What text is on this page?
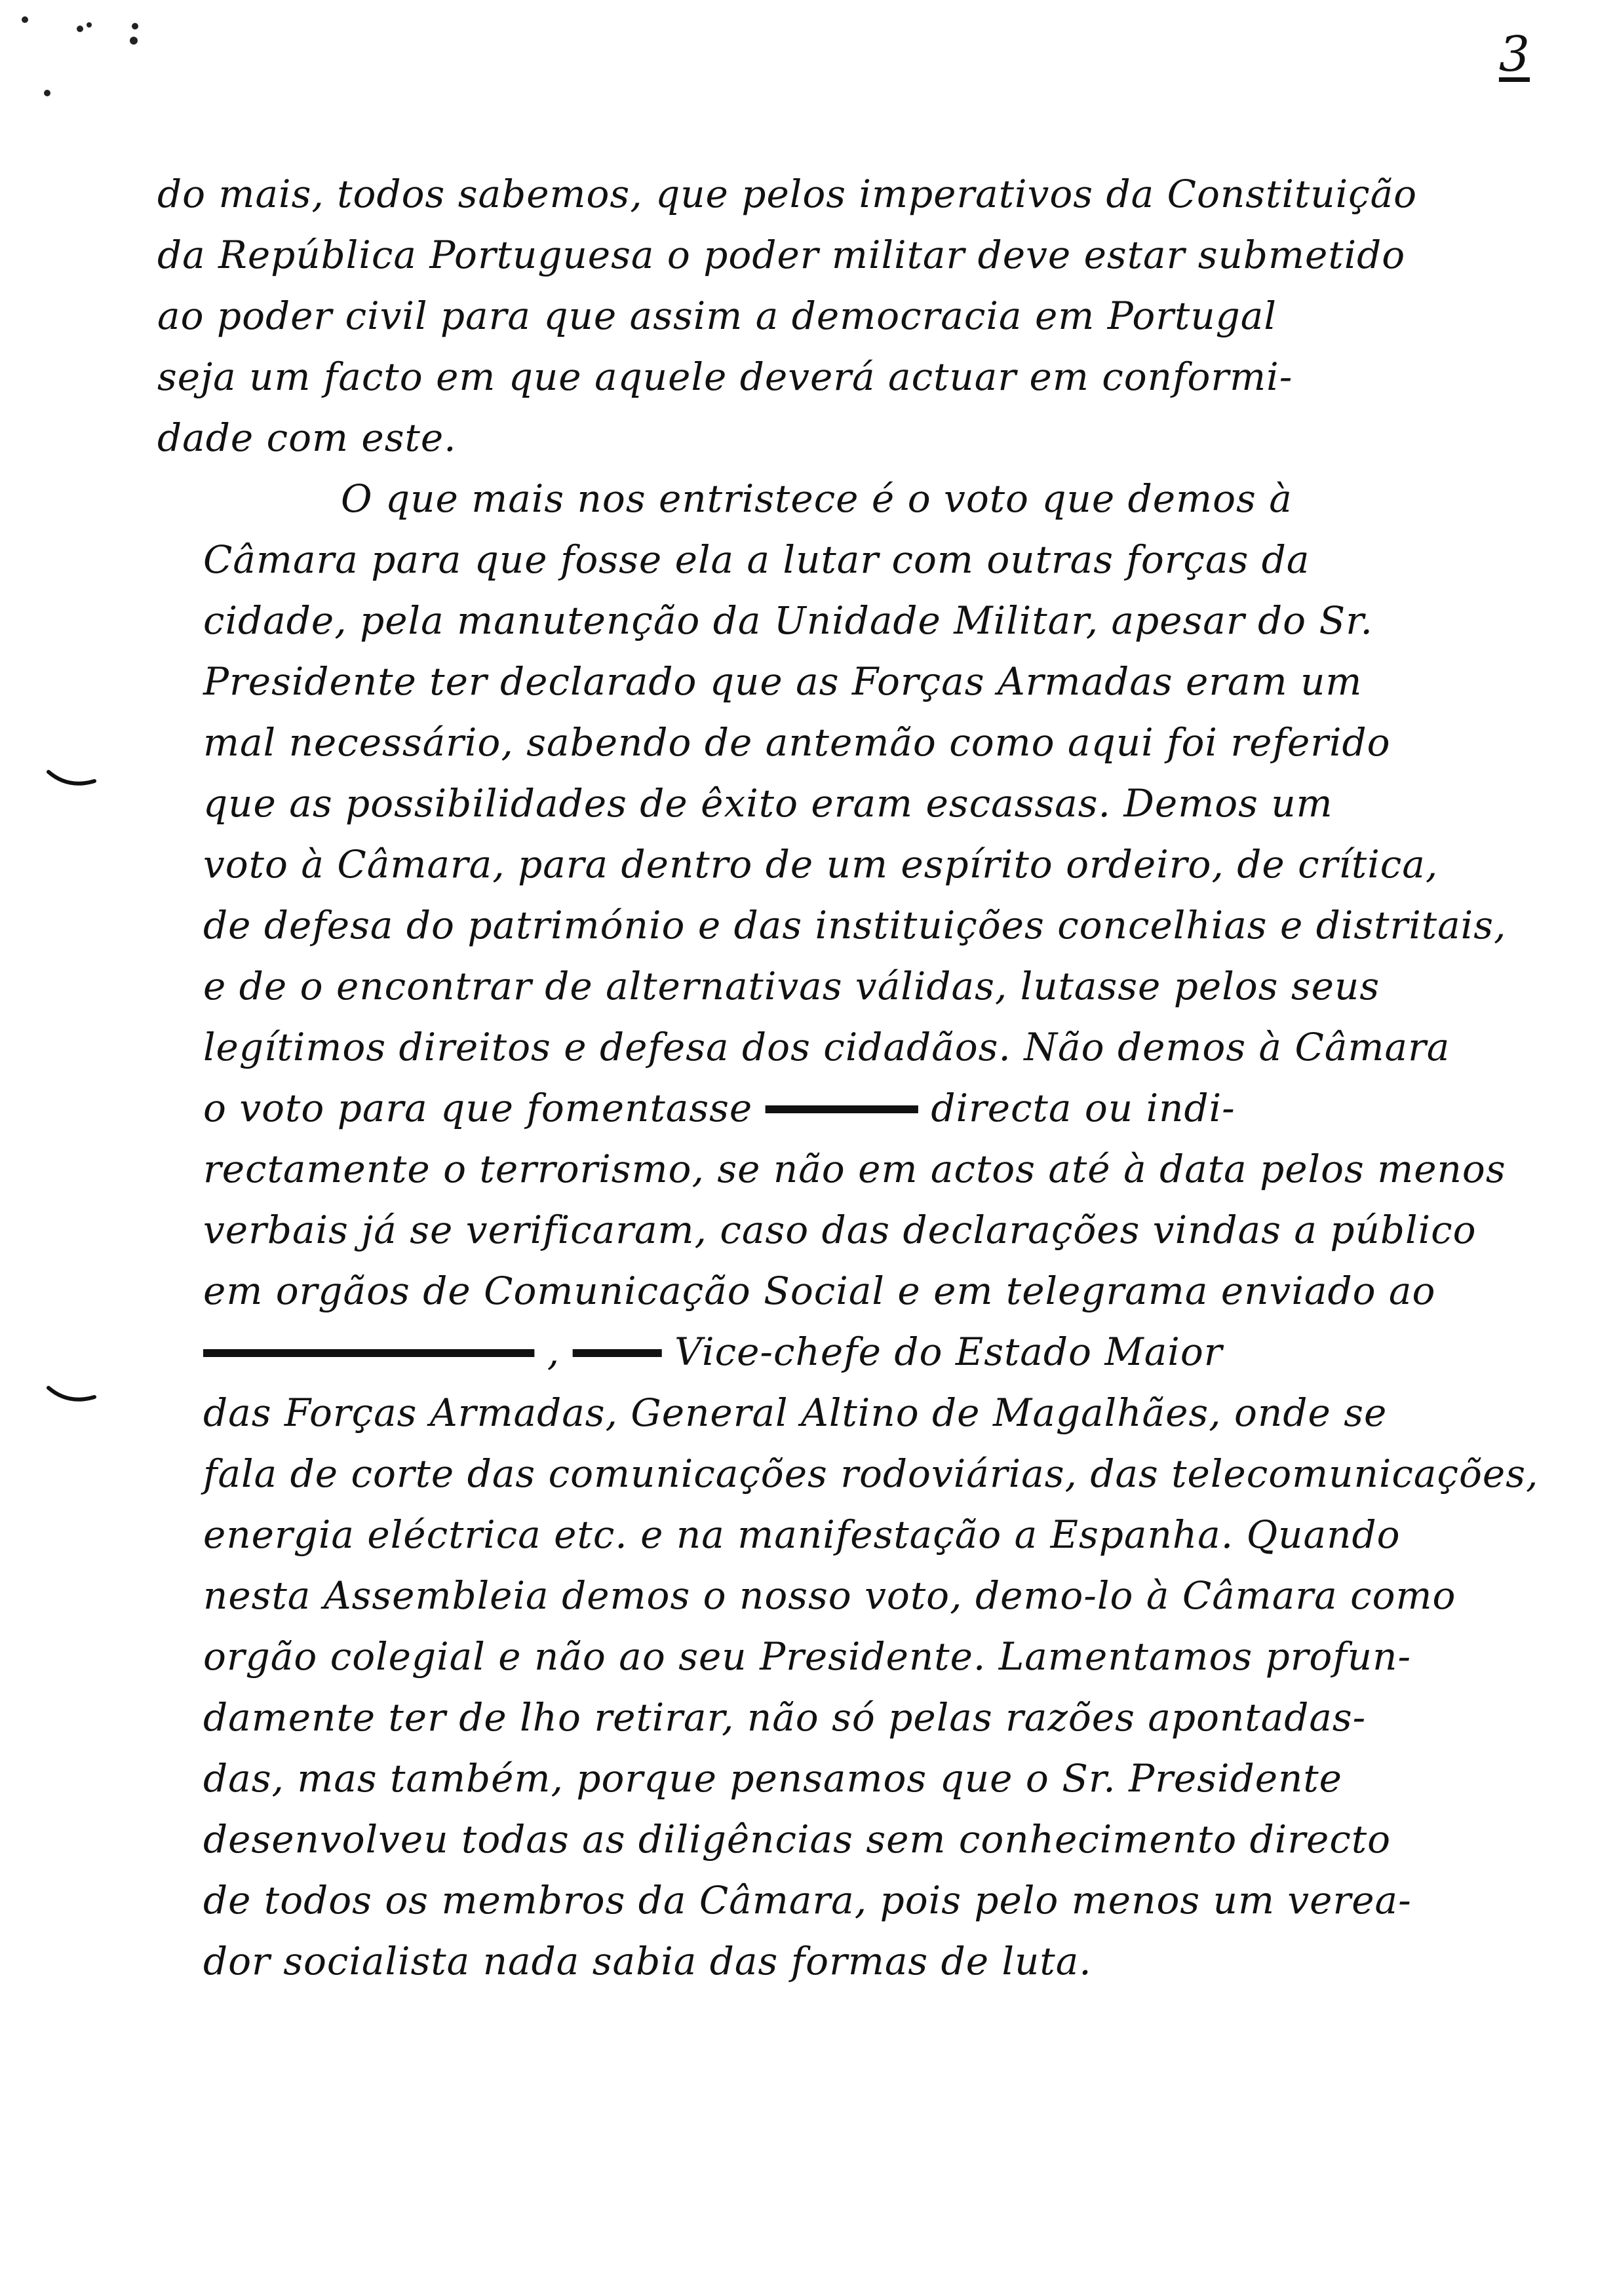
3
do mais, todos sabemos, que pelos imperativos da Constituição
da República Portuguesa o poder militar deve estar submetido
ao poder civil para que assim a democracia em Portugal
seja um facto em que aquele deverá actuar em conformi-
dade com este.
O que mais nos entristece é o voto que demos à
Câmara para que fosse ela a lutar com outras forças da
cidade, pela manutenção da Unidade Militar, apesar do Sr.
Presidente ter declarado que as Forças Armadas eram um
mal necessário, sabendo de antemão como aqui foi referido
que as possibilidades de êxito eram escassas. Demos um
voto à Câmara, para dentro de um espírito ordeiro, de crítica,
de defesa do património e das instituições concelhias e distritais,
e de o encontrar de alternativas válidas, lutasse pelos seus
legítimos direitos e defesa dos cidadãos. Não demos à Câmara
o voto para que fomentasse	directa ou indi-
rectamente o terrorismo, se não em actos até à data pelos menos
verbais já se verificaram, caso das declarações vindas a público
em orgãos de Comunicação Social e em telegrama enviado ao
,	Vice-chefe do Estado Maior
das Forças Armadas, General Altino de Magalhães, onde se
fala de corte das comunicações rodoviárias, das telecomunicações,
energia eléctrica etc. e na manifestação a Espanha. Quando
nesta Assembleia demos o nosso voto, demo-lo à Câmara como
orgão colegial e não ao seu Presidente. Lamentamos profun-
damente ter de lho retirar, não só pelas razões apontadas-
das, mas também, porque pensamos que o Sr. Presidente
desenvolveu todas as diligências sem conhecimento directo
de todos os membros da Câmara, pois pelo menos um verea-
dor socialista nada sabia das formas de luta.
